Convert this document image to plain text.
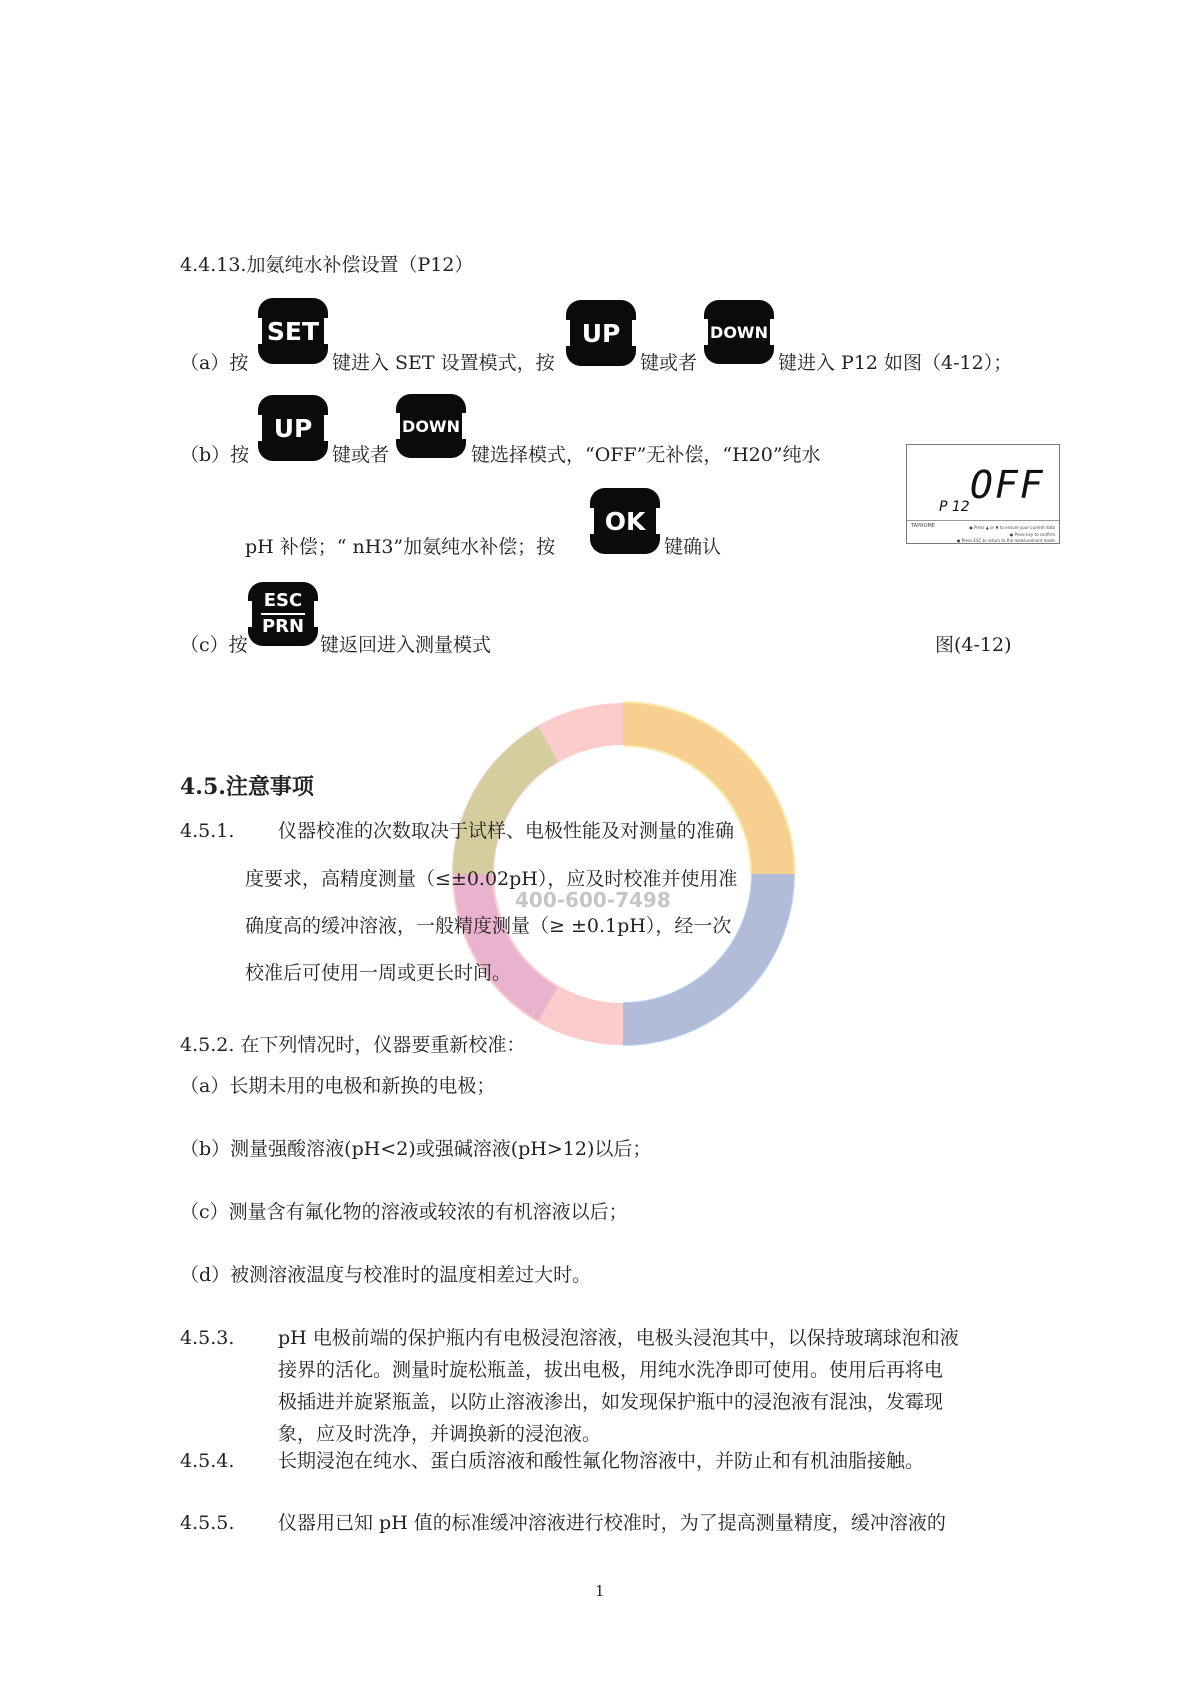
400-600-7498
4.4.13.加氨纯水补偿设置（P12）
（a）按
SET
键进入 SET 设置模式，按
UP
键或者
DOWN
键进入 P12 如图（4-12）；
（b）按
UP
键或者
DOWN
键选择模式，“OFF”无补偿，“H20”纯水
pH 补偿；“ nH3”加氨纯水补偿；按
OK
键确认
OFF
P 12
TAPROME	● Press ▲ or ▼ to ensure your current data
● Press key to confirm
● Press ESC to return to the measurement mode
（c）按
ESC
PRN
键返回进入测量模式	图(4-12)
4.5.注意事项
4.5.1. 仪器校准的次数取决于试样、电极性能及对测量的准确
度要求，高精度测量（≤±0.02pH），应及时校准并使用准
确度高的缓冲溶液，一般精度测量（≥ ±0.1pH），经一次
校准后可使用一周或更长时间。
4.5.2. 在下列情况时，仪器要重新校准：
（a）长期未用的电极和新换的电极；
（b）测量强酸溶液(pH<2)或强碱溶液(pH>12)以后；
（c）测量含有氟化物的溶液或较浓的有机溶液以后；
（d）被测溶液温度与校准时的温度相差过大时。
4.5.3. pH 电极前端的保护瓶内有电极浸泡溶液，电极头浸泡其中，以保持玻璃球泡和液
接界的活化。测量时旋松瓶盖，拔出电极，用纯水洗净即可使用。使用后再将电
极插进并旋紧瓶盖，以防止溶液渗出，如发现保护瓶中的浸泡液有混浊，发霉现
象，应及时洗净，并调换新的浸泡液。
4.5.4. 长期浸泡在纯水、蛋白质溶液和酸性氟化物溶液中，并防止和有机油脂接触。
4.5.5. 仪器用已知 pH 值的标准缓冲溶液进行校准时，为了提高测量精度，缓冲溶液的
1
